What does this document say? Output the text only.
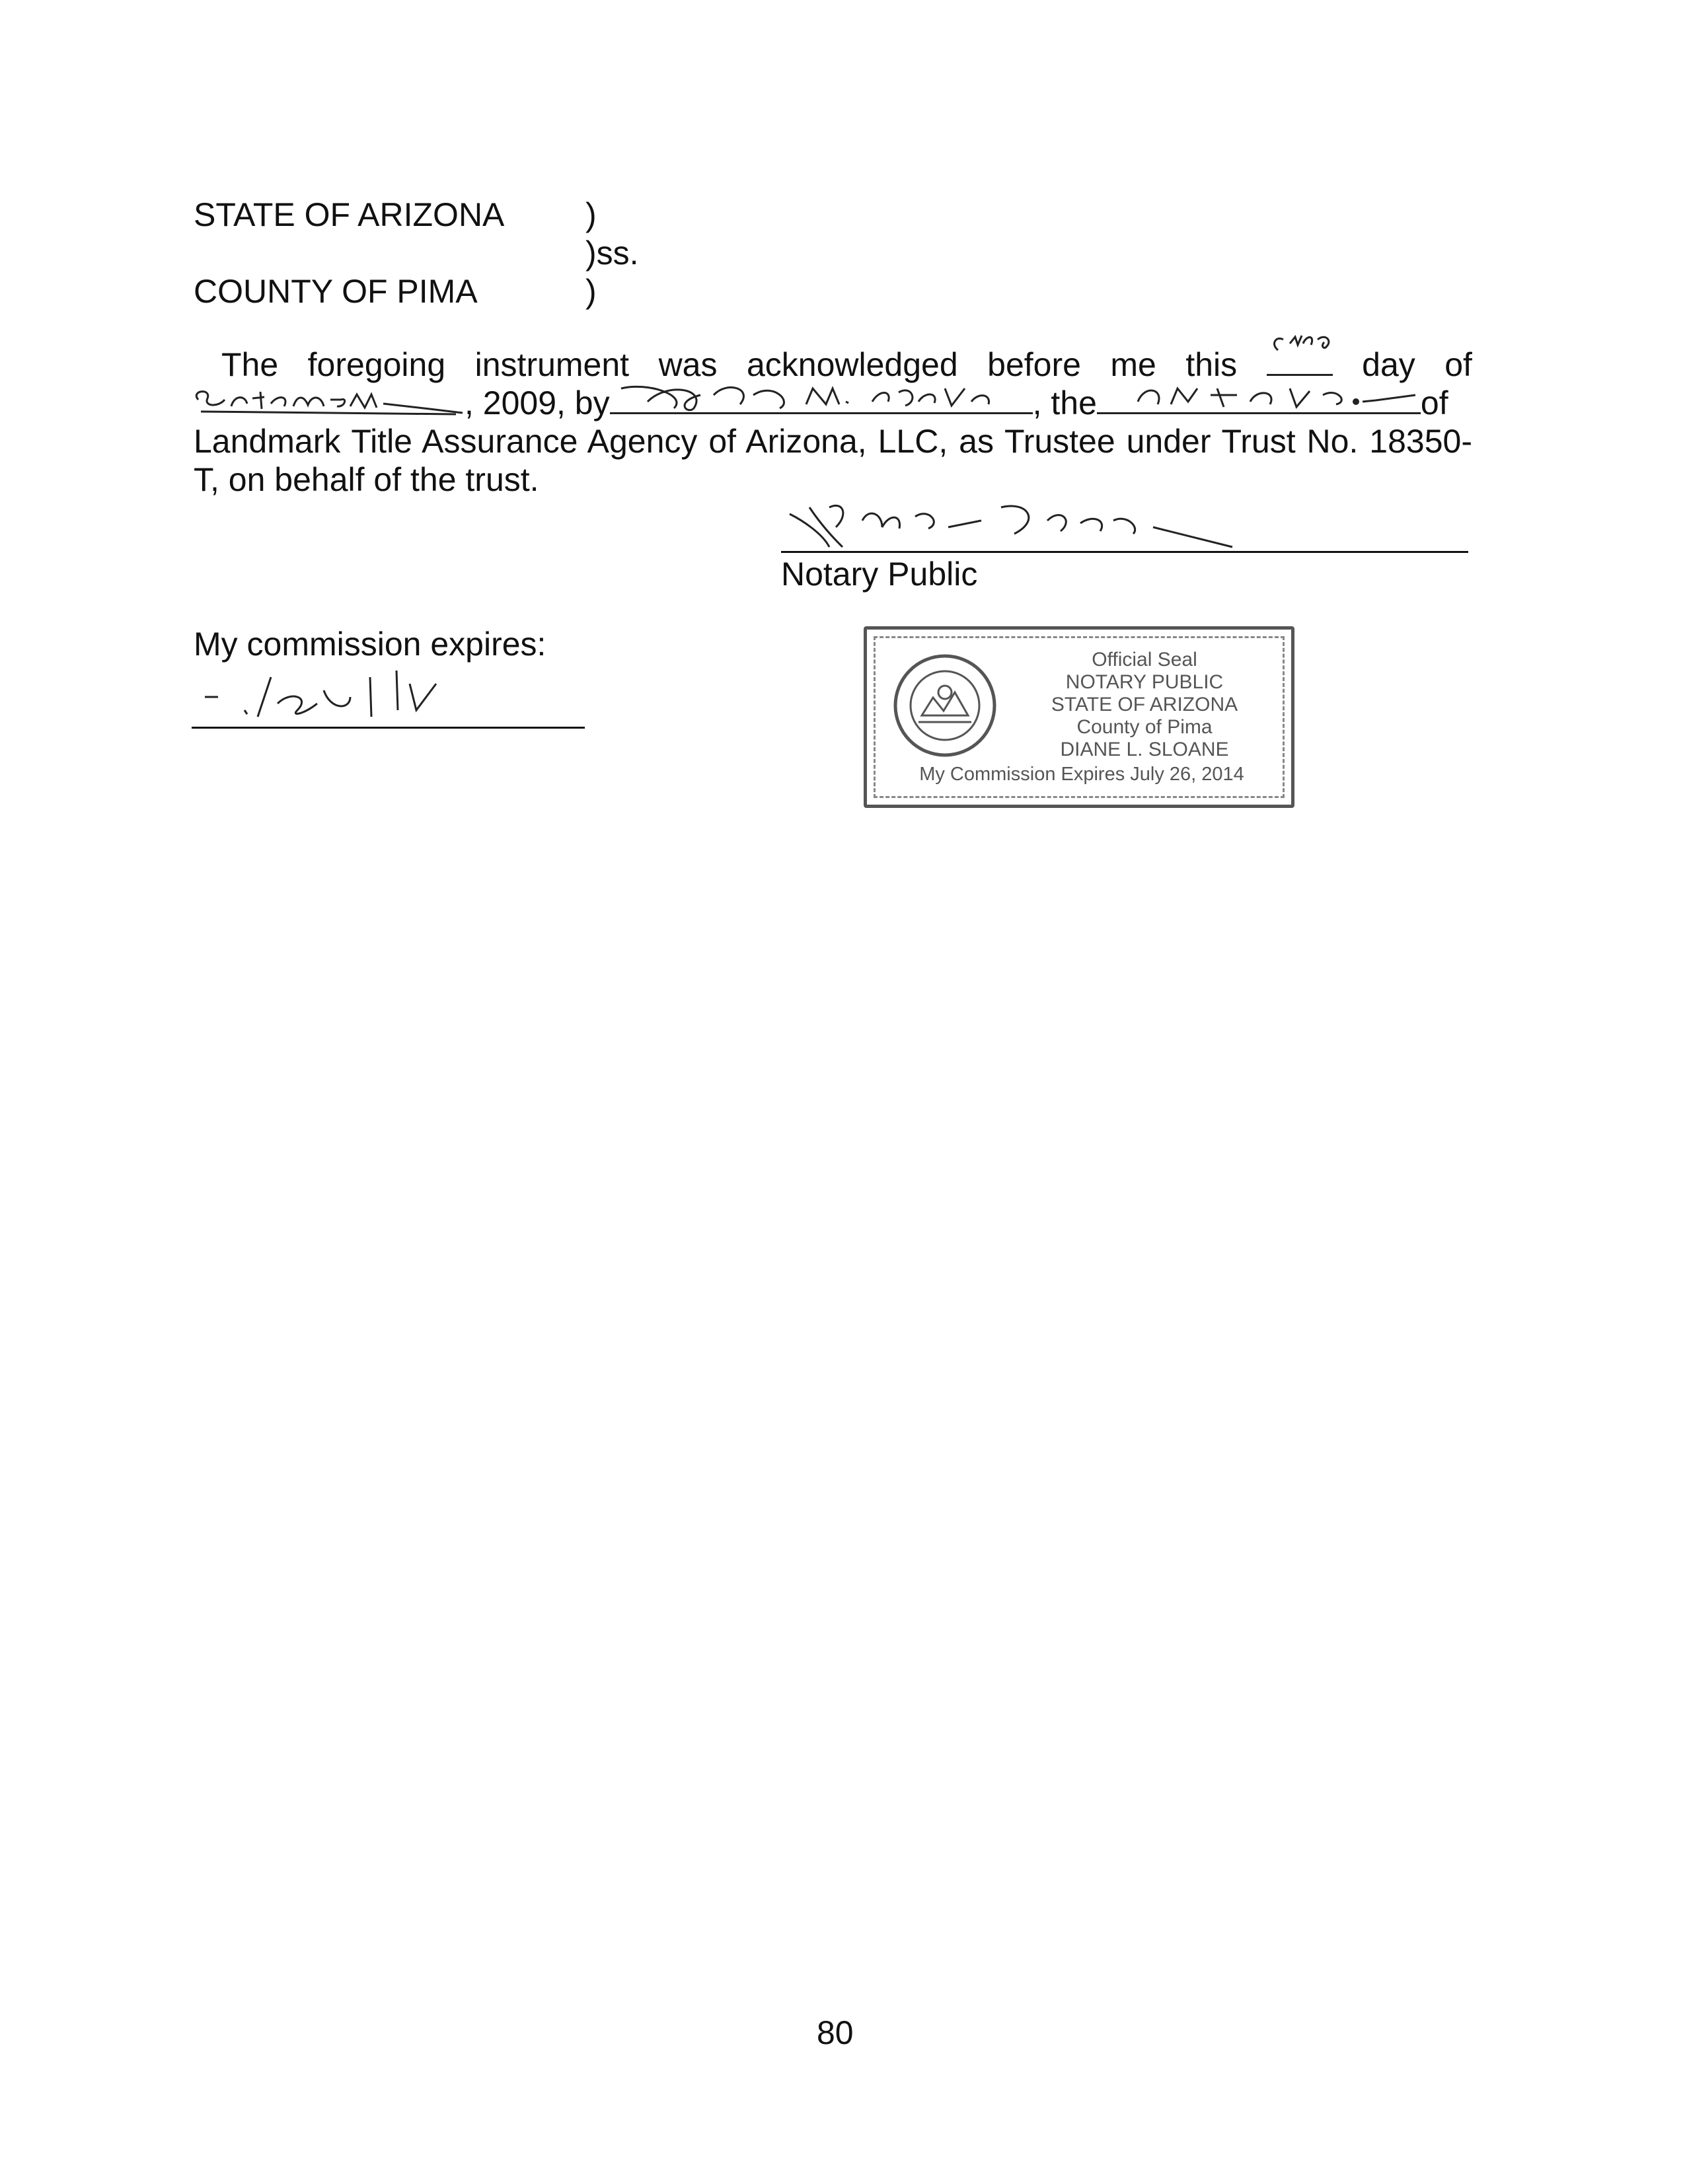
STATE OF ARIZONA )
)ss.
COUNTY OF PIMA	)
The foregoing instrument was acknowledged before me this	day of
, 2009, by	, the	of
Landmark Title Assurance Agency of Arizona, LLC, as Trustee under Trust No. 18350-
T, on behalf of the trust.
Notary Public
My commission expires:	Official Seal
NOTARY PUBLIC
STATE OF ARIZONA
County of Pima
DIANE L. SLOANE
My Commission Expires July 26, 2014
80
